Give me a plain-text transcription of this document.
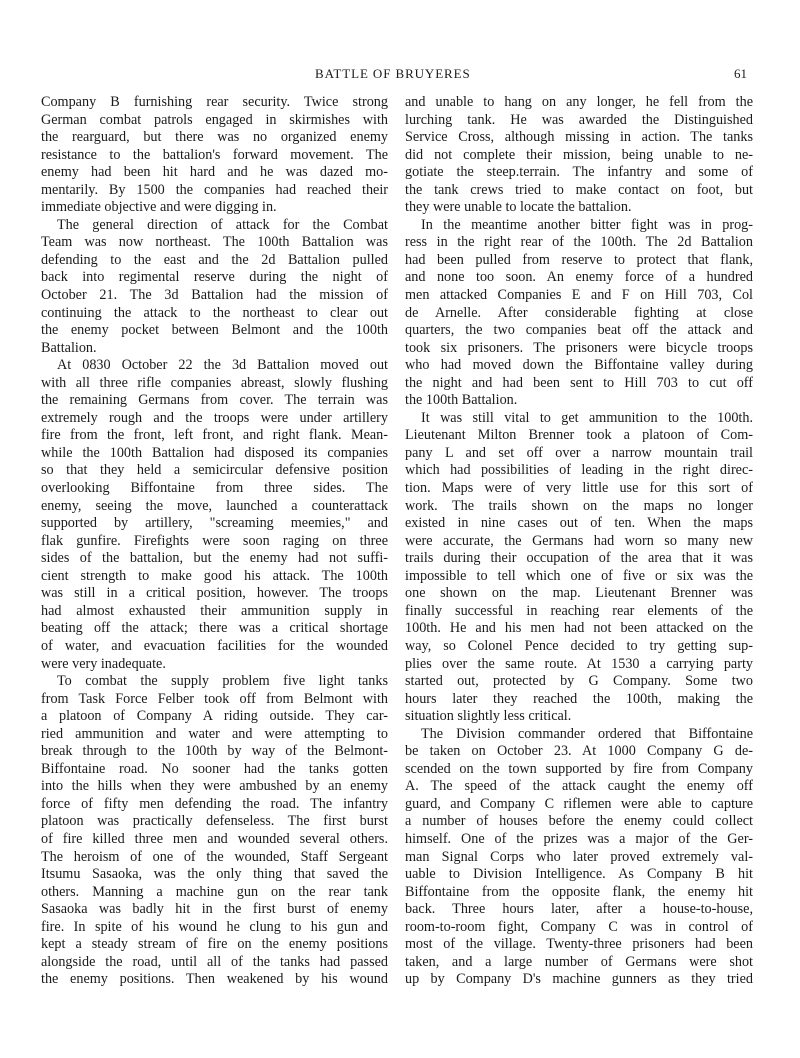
BATTLE OF BRUYERES	61
Company B furnishing rear security. Twice strong
German combat patrols engaged in skirmishes with
the rearguard, but there was no organized enemy
resistance to the battalion's forward movement. The
enemy had been hit hard and he was dazed mo-
mentarily. By 1500 the companies had reached their
immediate objective and were digging in.
The general direction of attack for the Combat
Team was now northeast. The 100th Battalion was
defending to the east and the 2d Battalion pulled
back into regimental reserve during the night of
October 21. The 3d Battalion had the mission of
continuing the attack to the northeast to clear out
the enemy pocket between Belmont and the 100th
Battalion.
At 0830 October 22 the 3d Battalion moved out
with all three rifle companies abreast, slowly flushing
the remaining Germans from cover. The terrain was
extremely rough and the troops were under artillery
fire from the front, left front, and right flank. Mean-
while the 100th Battalion had disposed its companies
so that they held a semicircular defensive position
overlooking Biffontaine from three sides. The
enemy, seeing the move, launched a counterattack
supported by artillery, "screaming meemies," and
flak gunfire. Firefights were soon raging on three
sides of the battalion, but the enemy had not suffi-
cient strength to make good his attack. The 100th
was still in a critical position, however. The troops
had almost exhausted their ammunition supply in
beating off the attack; there was a critical shortage
of water, and evacuation facilities for the wounded
were very inadequate.
To combat the supply problem five light tanks
from Task Force Felber took off from Belmont with
a platoon of Company A riding outside. They car-
ried ammunition and water and were attempting to
break through to the 100th by way of the Belmont-
Biffontaine road. No sooner had the tanks gotten
into the hills when they were ambushed by an enemy
force of fifty men defending the road. The infantry
platoon was practically defenseless. The first burst
of fire killed three men and wounded several others.
The heroism of one of the wounded, Staff Sergeant
Itsumu Sasaoka, was the only thing that saved the
others. Manning a machine gun on the rear tank
Sasaoka was badly hit in the first burst of enemy
fire. In spite of his wound he clung to his gun and
kept a steady stream of fire on the enemy positions
alongside the road, until all of the tanks had passed
the enemy positions. Then weakened by his wound
and unable to hang on any longer, he fell from the
lurching tank. He was awarded the Distinguished
Service Cross, although missing in action. The tanks
did not complete their mission, being unable to ne-
gotiate the steep.terrain. The infantry and some of
the tank crews tried to make contact on foot, but
they were unable to locate the battalion.
In the meantime another bitter fight was in prog-
ress in the right rear of the 100th. The 2d Battalion
had been pulled from reserve to protect that flank,
and none too soon. An enemy force of a hundred
men attacked Companies E and F on Hill 703, Col
de Arnelle. After considerable fighting at close
quarters, the two companies beat off the attack and
took six prisoners. The prisoners were bicycle troops
who had moved down the Biffontaine valley during
the night and had been sent to Hill 703 to cut off
the 100th Battalion.
It was still vital to get ammunition to the 100th.
Lieutenant Milton Brenner took a platoon of Com-
pany L and set off over a narrow mountain trail
which had possibilities of leading in the right direc-
tion. Maps were of very little use for this sort of
work. The trails shown on the maps no longer
existed in nine cases out of ten. When the maps
were accurate, the Germans had worn so many new
trails during their occupation of the area that it was
impossible to tell which one of five or six was the
one shown on the map. Lieutenant Brenner was
finally successful in reaching rear elements of the
100th. He and his men had not been attacked on the
way, so Colonel Pence decided to try getting sup-
plies over the same route. At 1530 a carrying party
started out, protected by G Company. Some two
hours later they reached the 100th, making the
situation slightly less critical.
The Division commander ordered that Biffontaine
be taken on October 23. At 1000 Company G de-
scended on the town supported by fire from Company
A. The speed of the attack caught the enemy off
guard, and Company C riflemen were able to capture
a number of houses before the enemy could collect
himself. One of the prizes was a major of the Ger-
man Signal Corps who later proved extremely val-
uable to Division Intelligence. As Company B hit
Biffontaine from the opposite flank, the enemy hit
back. Three hours later, after a house-to-house,
room-to-room fight, Company C was in control of
most of the village. Twenty-three prisoners had been
taken, and a large number of Germans were shot
up by Company D's machine gunners as they tried
